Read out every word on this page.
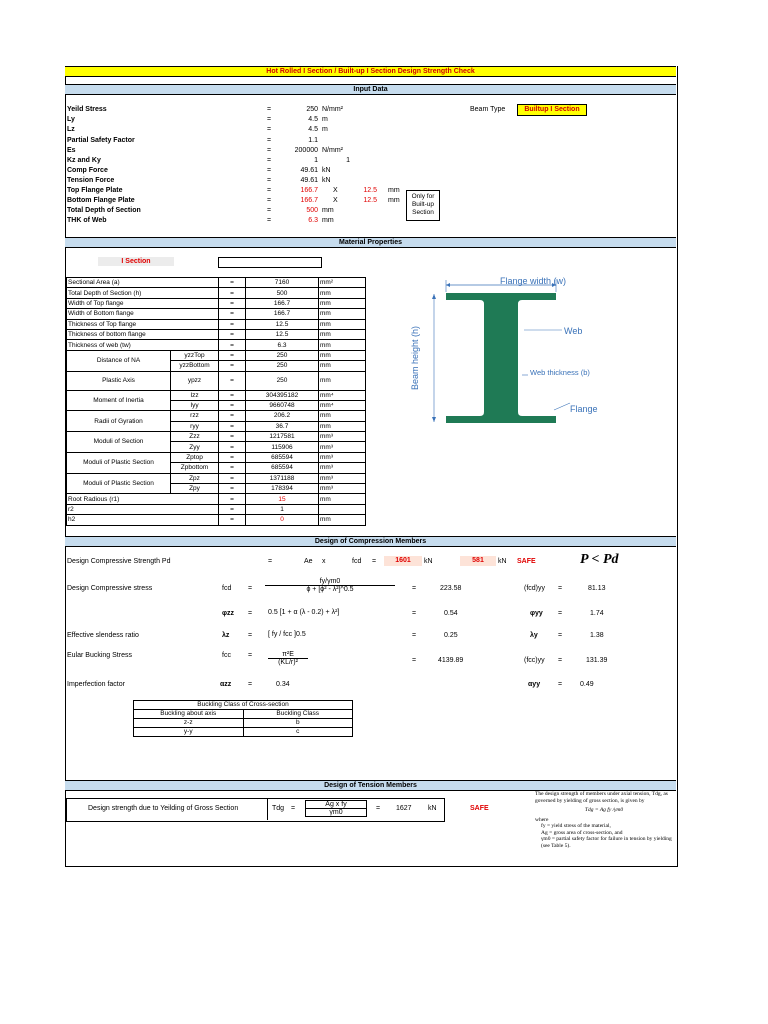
Hot Rolled I Section / Built-up I Section Design Strength Check
Input Data
Yeild Stress	=	250 N/mm²
Ly	=	4.5 m
Lz	=	4.5 m
Partial Safety Factor	=	1.1
Es	=	200000 N/mm²
Kz and Ky	=	1	1
Comp Force	=	49.61 kN
Tension Force	=	49.61 kN
Top Flange Plate	=	166.7 X	12.5 mm
Bottom Flange Plate	=	166.7 X	12.5 mm
Total Depth of Section	=	500 mm
THK of Web	=	6.3 mm
Beam Type	Builtup I Section
Only for Built-up Section
Material Properties
I Section
Sectional Area (a)		=	7160	mm²
Total Depth of Section (h)		=	500	mm
Width of Top flange		=	166.7	mm
Width of Bottom flange		=	166.7	mm
Thickness of Top flange		=	12.5	mm
Thickness of bottom flange		=	12.5	mm
Thickness of web (tw)		=	6.3	mm
Distance of NA	yzzTop	=	250	mm
	yzzBottom	=	250	mm
Plastic Axis	ypzz	=	250	mm
Moment of Inertia	Izz	=	304395182	mm⁴
	Iyy	=	9660748	mm⁴
Radii of Gyration	rzz	=	206.2	mm
	ryy	=	36.7	mm
Moduli of Section	Zzz	=	1217581	mm³
	Zyy	=	115906	mm³
Moduli of Plastic Section	Zptop	=	685594	mm³
	Zpbottom	=	685594	mm³
Moduli of Plastic Section	Zpz	=	1371188	mm³
	Zpy	=	178394	mm³
Root Radious (r1)		=	15	mm
r2		=	1	
h2		=	0	mm
Flange width (w)
Beam height (h)	Web
Web thickness (b)
Flange
Design of Compression Members
Design Compressive Strength Pd	=	Ae x	fcd =	1601	kN	581	kN SAFE	P < Pd
Design Compressive stress	fcd = $\frac{fy/\gamma m0}{\text{ϕ + [ϕ² - λ²]\textasciicircum{}0.5}}$ =	223.58	(fcd)yy =	81.13
φzz = 0.5 [1 + α (λ - 0.2) + λ²]	=	0.54	φyy =	1.74
Effective slendess ratio	λz	= [ fy / fcc ]0.5	=	0.25	λy	=	1.38
Eular Bucking Stress	fcc = $\frac{\text{π²E}}{\text{(KL/r)²}}$	=	4139.89	(fcc)yy =	131.39
Imperfection factor	αzz =	0.34	αyy	=	0.49
Buckling Class of Cross-section	
Buckling about axis	Buckling Class
z-z	b
y-y	c
Design of Tension Members
Design strength due to Yeilding of Gross Section	Tdg = $\frac{\text{Ag x fy}}{\gamma m0} = 1627$ kN	SAFE
The design strength of members under axial tension, Tdg, as governed by yielding of gross section, is given by
Tdg = Ag fy /γm0
where
fy = yield stress of the material,
Ag = gross area of cross-section, and
γm0 = partial safety factor for failure in tension by yielding (see Table 5).
